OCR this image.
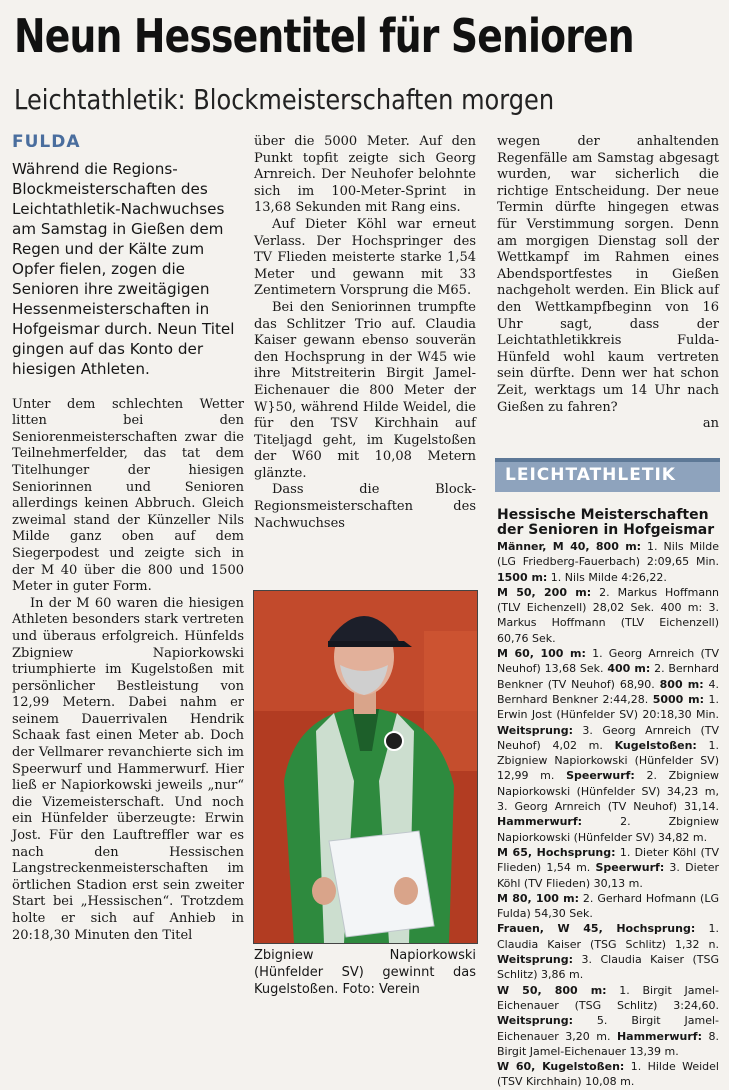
Neun Hessentitel für Senioren
Leichtathletik: Blockmeisterschaften morgen
FULDA

Während die Regions-Blockmeisterschaften des Leichtathletik-Nachwuchses am Samstag in Gießen dem Regen und der Kälte zum Opfer fielen, zogen die Senioren ihre zweitägigen Hessenmeisterschaften in Hofgeismar durch. Neun Titel gingen auf das Konto der hiesigen Athleten.

Unter dem schlechten Wetter litten bei den Seniorenmeisterschaften zwar die Teilnehmerfelder, das tat dem Titelhunger der hiesigen Seniorinnen und Senioren allerdings keinen Abbruch. Gleich zweimal stand der Künzeller Nils Milde ganz oben auf dem Siegerpodest und zeigte sich in der M 40 über die 800 und 1500 Meter in guter Form.

In der M 60 waren die hiesigen Athleten besonders stark vertreten und überaus erfolgreich. Hünfelds Zbigniew Napiorkowski triumphierte im Kugelstoßen mit persönlicher Bestleistung von 12,99 Metern. Dabei nahm er seinem Dauerrivalen Hendrik Schaak fast einen Meter ab. Doch der Vellmarer revanchierte sich im Speerwurf und Hammerwurf. Hier ließ er Napiorkowski jeweils „nur“ die Vizemeisterschaft. Und noch ein Hünfelder überzeugte: Erwin Jost. Für den Lauftreffler war es nach den Hessischen Langstreckenmeisterschaften im örtlichen Stadion erst sein zweiter Start bei „Hessischen“. Trotzdem holte er sich auf Anhieb in 20:18,30 Minuten den Titel

über die 5000 Meter. Auf den Punkt topfit zeigte sich Georg Arnreich. Der Neuhofer belohnte sich im 100-Meter-Sprint in 13,68 Sekunden mit Rang eins.

Auf Dieter Köhl war erneut Verlass. Der Hochspringer des TV Flieden meisterte starke 1,54 Meter und gewann mit 33 Zentimetern Vorsprung die M65.

Bei den Seniorinnen trumpfte das Schlitzer Trio auf. Claudia Kaiser gewann ebenso souverän den Hochsprung in der W45 wie ihre Mitstreiterin Birgit Jamel-Eichenauer die 800 Meter der W}50, während Hilde Weidel, die für den TSV Kirchhain auf Titeljagd geht, im Kugelstoßen der W60 mit 10,08 Metern glänzte.

Dass die Block-Regionsmeisterschaften des Nachwuchses

wegen der anhaltenden Regenfälle am Samstag abgesagt wurden, war sicherlich die richtige Entscheidung. Der neue Termin dürfte hingegen etwas für Verstimmung sorgen. Denn am morgigen Dienstag soll der Wettkampf im Rahmen eines Abendsportfestes in Gießen nachgeholt werden. Ein Blick auf den Wettkampfbeginn von 16 Uhr sagt, dass der Leichtathletikkreis Fulda-Hünfeld wohl kaum vertreten sein dürfte. Denn wer hat schon Zeit, werktags um 14 Uhr nach Gießen zu fahren?

an

Zbigniew Napiorkowski (Hünfelder SV) gewinnt das Kugelstoßen. Foto: Verein

LEICHTATHLETIK

Hessische Meisterschaften der Senioren in Hofgeismar

Männer, M 40, 800 m: 1. Nils Milde (LG Friedberg-Fauerbach) 2:09,65 Min. 1500 m: 1. Nils Milde 4:26,22.

M 50, 200 m: 2. Markus Hoffmann (TLV Eichenzell) 28,02 Sek. 400 m: 3. Markus Hoffmann (TLV Eichenzell) 60,76 Sek.

M 60, 100 m: 1. Georg Arnreich (TV Neuhof) 13,68 Sek. 400 m: 2. Bernhard Benkner (TV Neuhof) 68,90. 800 m: 4. Bernhard Benkner 2:44,28. 5000 m: 1. Erwin Jost (Hünfelder SV) 20:18,30 Min. Weitsprung: 3. Georg Arnreich (TV Neuhof) 4,02 m. Kugelstoßen: 1. Zbigniew Napiorkowski (Hünfelder SV) 12,99 m. Speerwurf: 2. Zbigniew Napiorkowski (Hünfelder SV) 34,23 m, 3. Georg Arnreich (TV Neuhof) 31,14. Hammerwurf: 2. Zbigniew Napiorkowski (Hünfelder SV) 34,82 m.

M 65, Hochsprung: 1. Dieter Köhl (TV Flieden) 1,54 m. Speerwurf: 3. Dieter Köhl (TV Flieden) 30,13 m.

M 80, 100 m: 2. Gerhard Hofmann (LG Fulda) 54,30 Sek.

Frauen, W 45, Hochsprung: 1. Claudia Kaiser (TSG Schlitz) 1,32 n. Weitsprung: 3. Claudia Kaiser (TSG Schlitz) 3,86 m.

W 50, 800 m: 1. Birgit Jamel-Eichenauer (TSG Schlitz) 3:24,60. Weitsprung: 5. Birgit Jamel-Eichenauer 3,20 m. Hammerwurf: 8. Birgit Jamel-Eichenauer 13,39 m.

W 60, Kugelstoßen: 1. Hilde Weidel (TSV Kirchhain) 10,08 m.
